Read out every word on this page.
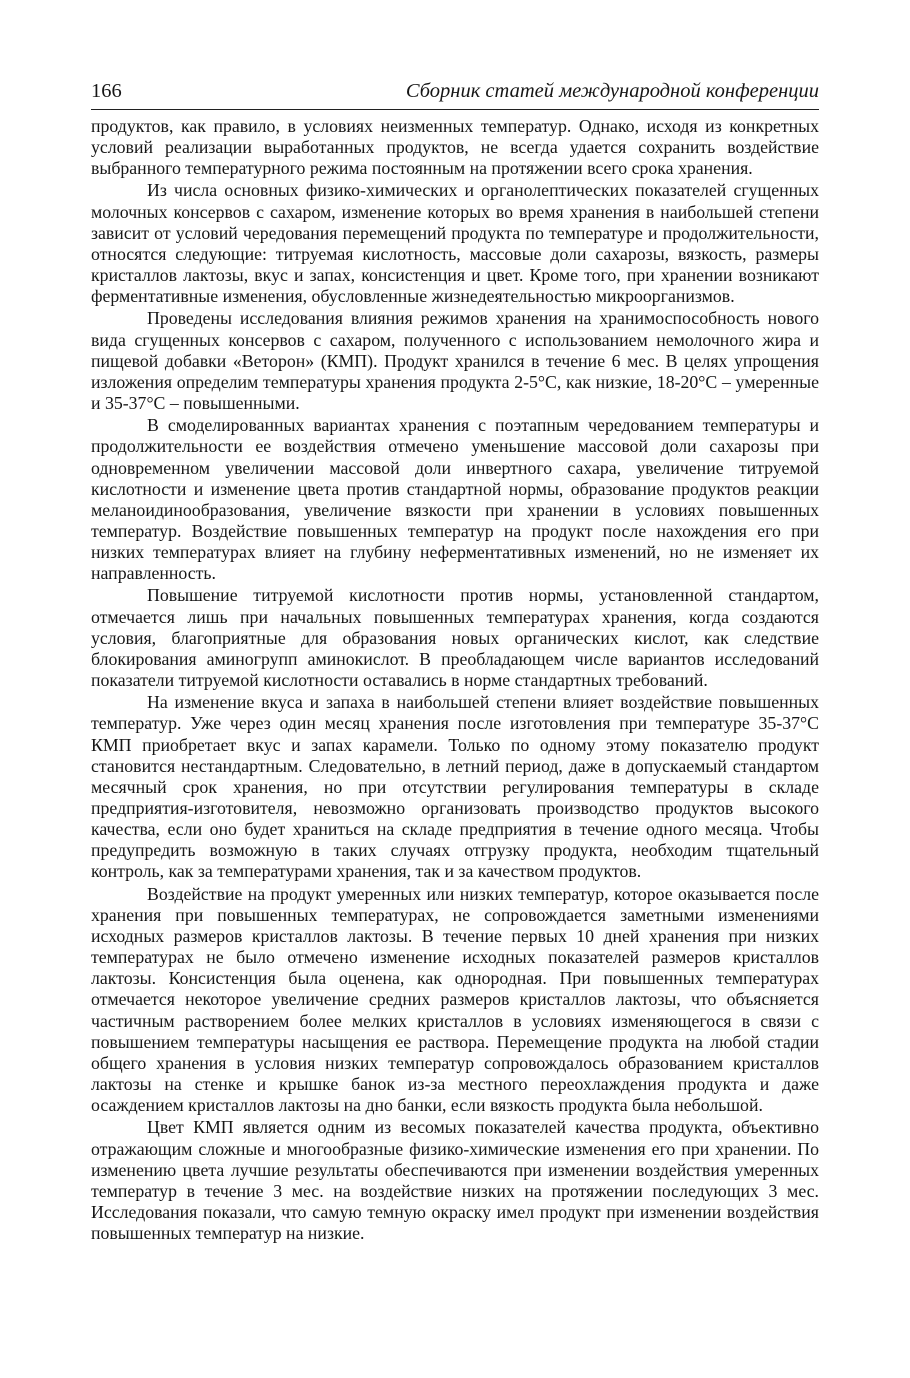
166	Сборник статей международной конференции

продуктов, как правило, в условиях неизменных температур. Однако, исходя из конкретных условий реализации выработанных продуктов, не всегда удается сохранить воздействие выбранного температурного режима постоянным на протяжении всего срока хранения.

Из числа основных физико-химических и органолептических показателей сгущенных молочных консервов с сахаром, изменение которых во время хранения в наибольшей степени зависит от условий чередования перемещений продукта по температуре и продолжительности, относятся следующие: титруемая кислотность, массовые доли сахарозы, вязкость, размеры кристаллов лактозы, вкус и запах, консистенция и цвет. Кроме того, при хранении возникают ферментативные изменения, обусловленные жизнедеятельностью микроорганизмов.

Проведены исследования влияния режимов хранения на хранимоспособность нового вида сгущенных консервов с сахаром, полученного с использованием немолочного жира и пищевой добавки «Веторон» (КМП). Продукт хранился в течение 6 мес. В целях упрощения изложения определим температуры хранения продукта 2-5°С, как низкие, 18-20°С – умеренные и 35-37°С – повышенными.

В смоделированных вариантах хранения с поэтапным чередованием температуры и продолжительности ее воздействия отмечено уменьшение массовой доли сахарозы при одновременном увеличении массовой доли инвертного сахара, увеличение титруемой кислотности и изменение цвета против стандартной нормы, образование продуктов реакции меланоидинообразования, увеличение вязкости при хранении в условиях повышенных температур. Воздействие повышенных температур на продукт после нахождения его при низких температурах влияет на глубину неферментативных изменений, но не изменяет их направленность.

Повышение титруемой кислотности против нормы, установленной стандартом, отмечается лишь при начальных повышенных температурах хранения, когда создаются условия, благоприятные для образования новых органических кислот, как следствие блокирования аминогрупп аминокислот. В преобладающем числе вариантов исследований показатели титруемой кислотности оставались в норме стандартных требований.

На изменение вкуса и запаха в наибольшей степени влияет воздействие повышенных температур. Уже через один месяц хранения после изготовления при температуре 35-37°С КМП приобретает вкус и запах карамели. Только по одному этому показателю продукт становится нестандартным. Следовательно, в летний период, даже в допускаемый стандартом месячный срок хранения, но при отсутствии регулирования температуры в складе предприятия-изготовителя, невозможно организовать производство продуктов высокого качества, если оно будет храниться на складе предприятия в течение одного месяца. Чтобы предупредить возможную в таких случаях отгрузку продукта, необходим тщательный контроль, как за температурами хранения, так и за качеством продуктов.

Воздействие на продукт умеренных или низких температур, которое оказывается после хранения при повышенных температурах, не сопровождается заметными изменениями исходных размеров кристаллов лактозы. В течение первых 10 дней хранения при низких температурах не было отмечено изменение исходных показателей размеров кристаллов лактозы. Консистенция была оценена, как однородная. При повышенных температурах отмечается некоторое увеличение средних размеров кристаллов лактозы, что объясняется частичным растворением более мелких кристаллов в условиях изменяющегося в связи с повышением температуры насыщения ее раствора. Перемещение продукта на любой стадии общего хранения в условия низких температур сопровождалось образованием кристаллов лактозы на стенке и крышке банок из-за местного переохлаждения продукта и даже осаждением кристаллов лактозы на дно банки, если вязкость продукта была небольшой.

Цвет КМП является одним из весомых показателей качества продукта, объективно отражающим сложные и многообразные физико-химические изменения его при хранении. По изменению цвета лучшие результаты обеспечиваются при изменении воздействия умеренных температур в течение 3 мес. на воздействие низких на протяжении последующих 3 мес. Исследования показали, что самую темную окраску имел продукт при изменении воздействия повышенных температур на низкие.
